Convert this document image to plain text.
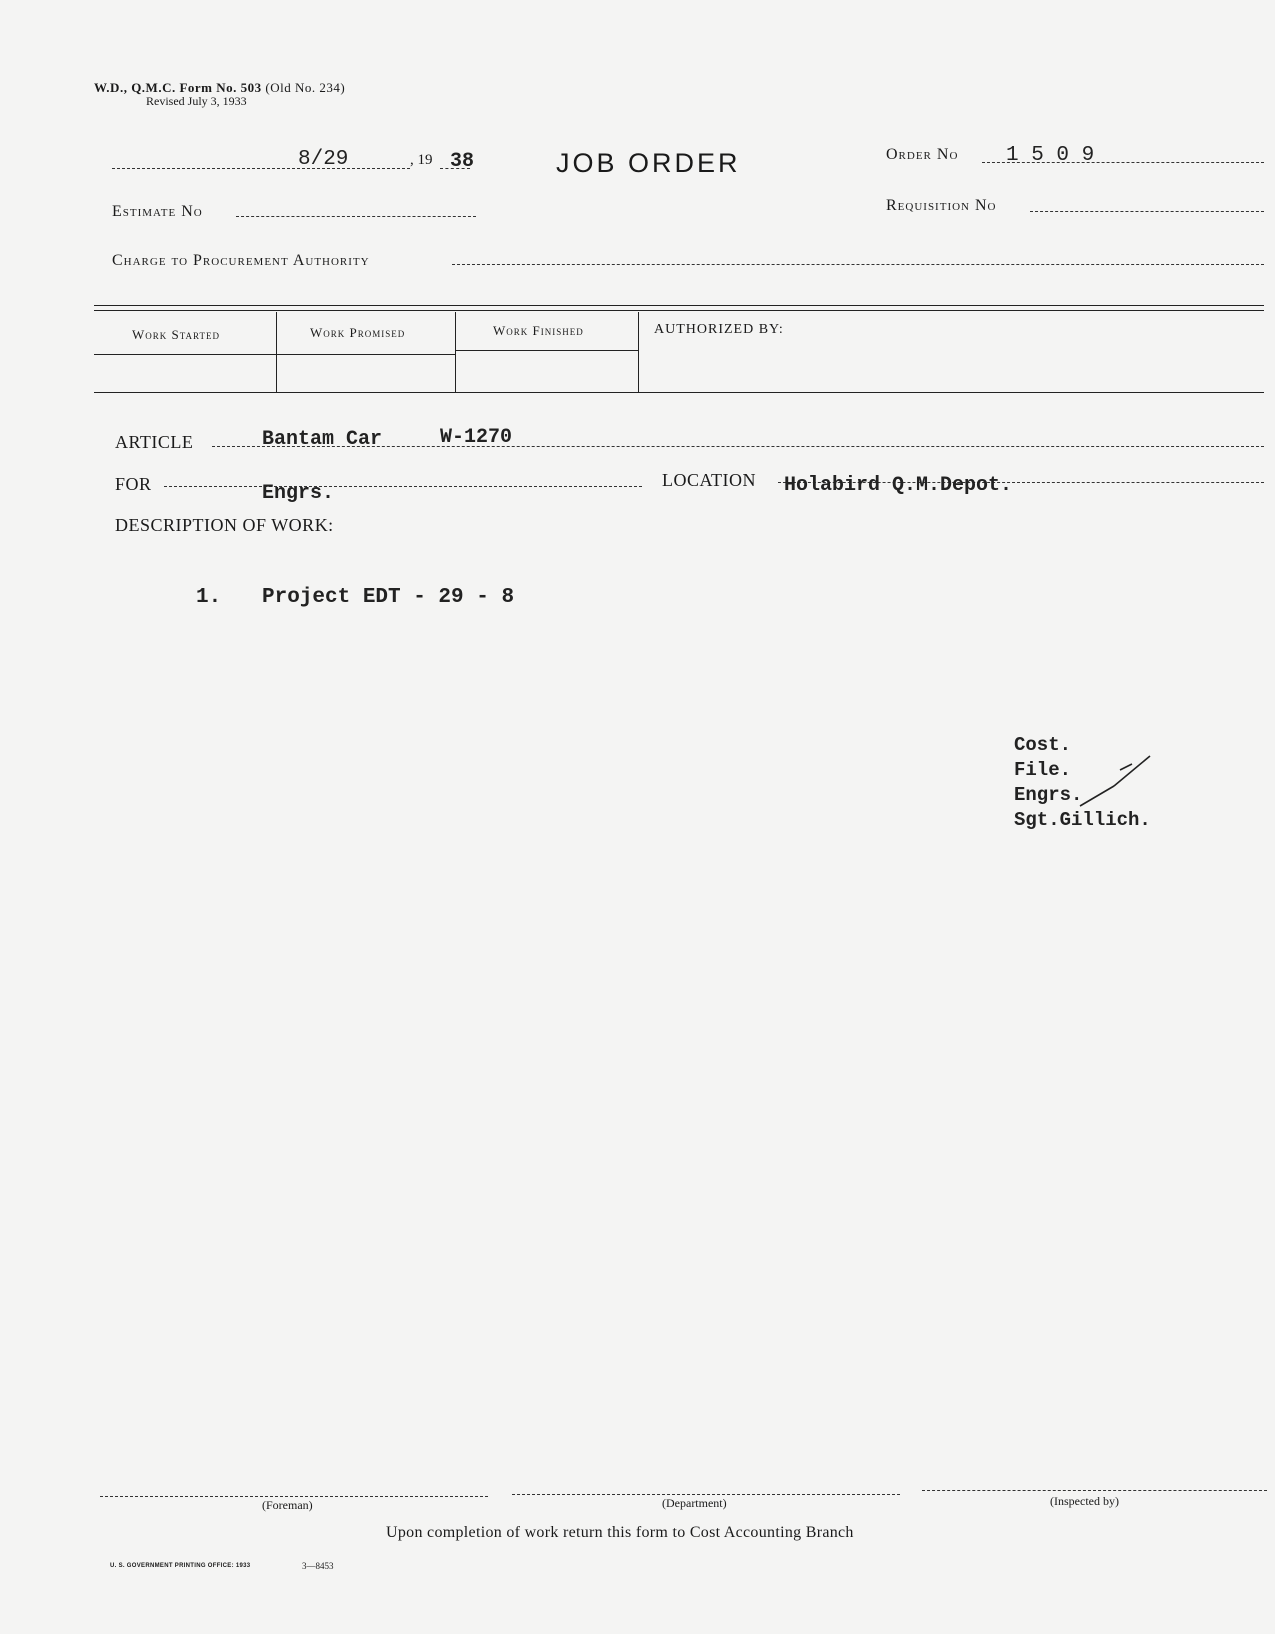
W.D., Q.M.C. Form No. 503 (Old No. 234)
Revised July 3, 1933
8/29	, 19 38	JOB ORDER	Order No 1 5 0 9
Estimate No	Requisition No
Charge to Procurement Authority
Work Started	Work Promised	Work Finished	AUTHORIZED BY:
ARTICLE	Bantam Car	W-1270
FOR	Engrs.
LOCATION Holabird Q.M.Depot.
DESCRIPTION OF WORK:
1. Project EDT - 29 - 8
Cost.
File.
Engrs.
Sgt.Gillich.
(Foreman)	(Department)	(Inspected by)
Upon completion of work return this form to Cost Accounting Branch
U. S. GOVERNMENT PRINTING OFFICE: 1933	3—8453
